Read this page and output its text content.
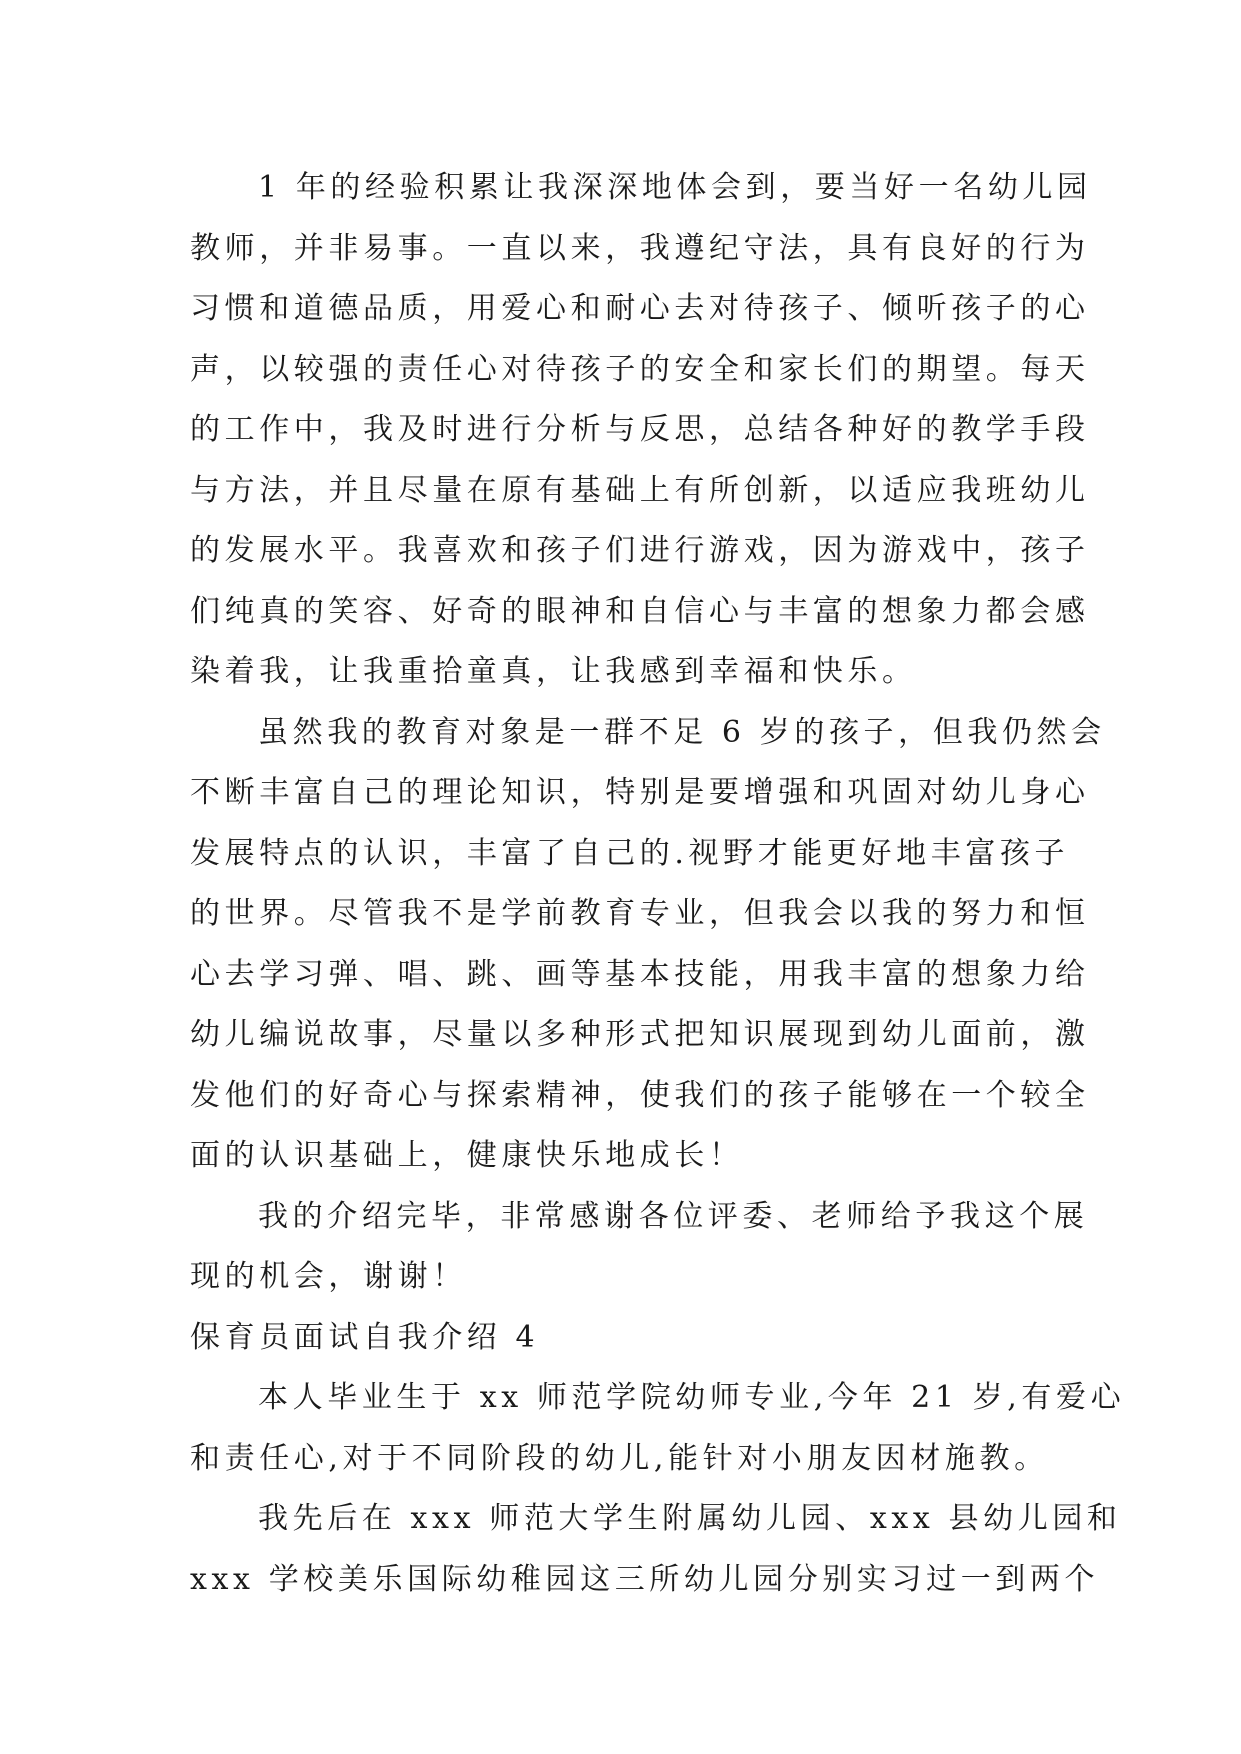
1 年的经验积累让我深深地体会到，要当好一名幼儿园
教师，并非易事。一直以来，我遵纪守法，具有良好的行为
习惯和道德品质，用爱心和耐心去对待孩子、倾听孩子的心
声，以较强的责任心对待孩子的安全和家长们的期望。每天
的工作中，我及时进行分析与反思，总结各种好的教学手段
与方法，并且尽量在原有基础上有所创新，以适应我班幼儿
的发展水平。我喜欢和孩子们进行游戏，因为游戏中，孩子
们纯真的笑容、好奇的眼神和自信心与丰富的想象力都会感
染着我，让我重拾童真，让我感到幸福和快乐。
虽然我的教育对象是一群不足 6 岁的孩子，但我仍然会
不断丰富自己的理论知识，特别是要增强和巩固对幼儿身心
发展特点的认识，丰富了自己的.视野才能更好地丰富孩子
的世界。尽管我不是学前教育专业，但我会以我的努力和恒
心去学习弹、唱、跳、画等基本技能，用我丰富的想象力给
幼儿编说故事，尽量以多种形式把知识展现到幼儿面前，激
发他们的好奇心与探索精神，使我们的孩子能够在一个较全
面的认识基础上，健康快乐地成长！
我的介绍完毕，非常感谢各位评委、老师给予我这个展
现的机会，谢谢！
保育员面试自我介绍 4
本人毕业生于 xx 师范学院幼师专业,今年 21 岁,有爱心
和责任心,对于不同阶段的幼儿,能针对小朋友因材施教。
我先后在 xxx 师范大学生附属幼儿园、xxx 县幼儿园和
xxx 学校美乐国际幼稚园这三所幼儿园分别实习过一到两个
